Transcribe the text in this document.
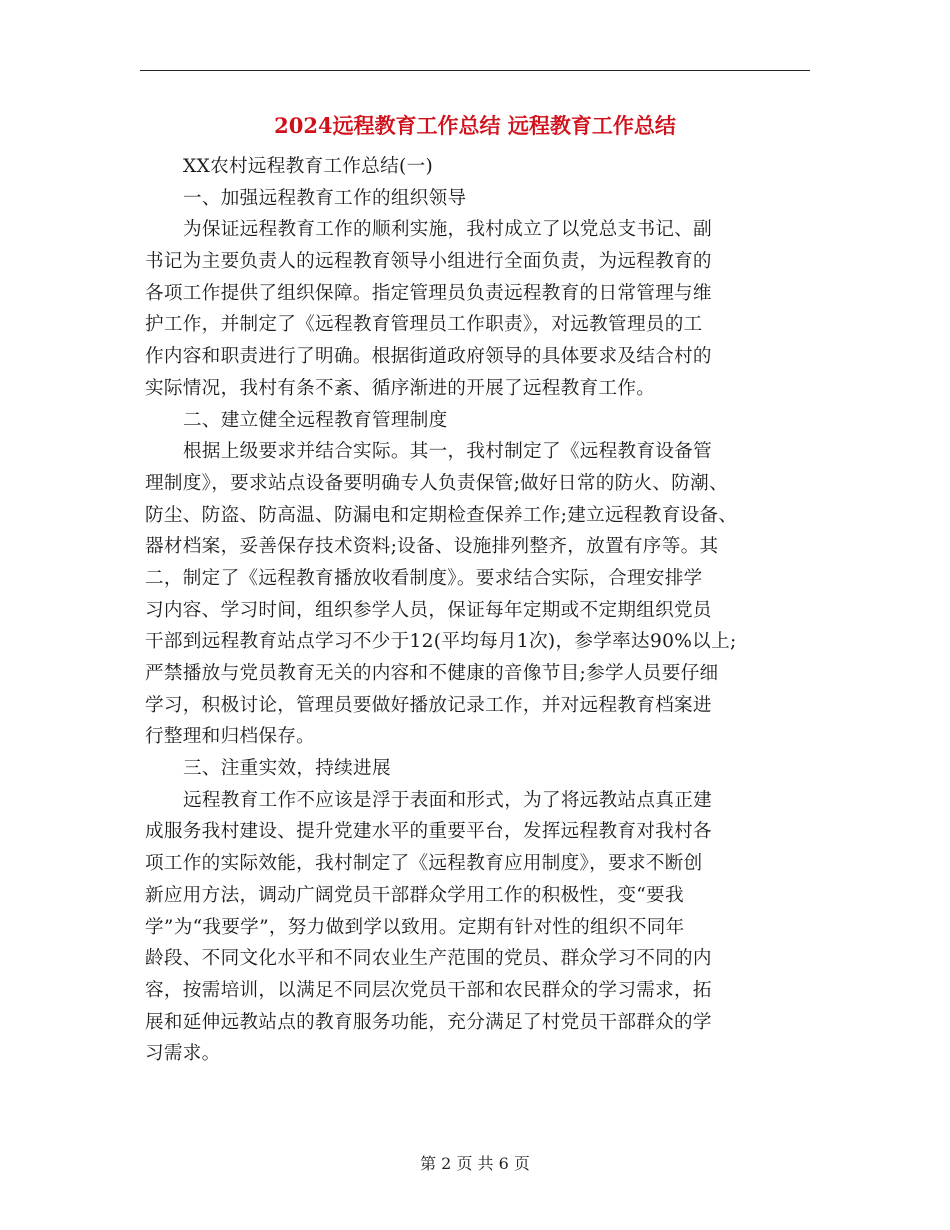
2024远程教育工作总结 远程教育工作总结
XX农村远程教育工作总结(一)
一、加强远程教育工作的组织领导
为保证远程教育工作的顺利实施，我村成立了以党总支书记、副
书记为主要负责人的远程教育领导小组进行全面负责，为远程教育的
各项工作提供了组织保障。指定管理员负责远程教育的日常管理与维
护工作，并制定了《远程教育管理员工作职责》，对远教管理员的工
作内容和职责进行了明确。根据街道政府领导的具体要求及结合村的
实际情况，我村有条不紊、循序渐进的开展了远程教育工作。
二、建立健全远程教育管理制度
根据上级要求并结合实际。其一，我村制定了《远程教育设备管
理制度》，要求站点设备要明确专人负责保管;做好日常的防火、防潮、
防尘、防盗、防高温、防漏电和定期检查保养工作;建立远程教育设备、
器材档案，妥善保存技术资料;设备、设施排列整齐，放置有序等。其
二，制定了《远程教育播放收看制度》。要求结合实际，合理安排学
习内容、学习时间，组织参学人员，保证每年定期或不定期组织党员
干部到远程教育站点学习不少于12(平均每月1次)，参学率达90%以上;
严禁播放与党员教育无关的内容和不健康的音像节目;参学人员要仔细
学习，积极讨论，管理员要做好播放记录工作，并对远程教育档案进
行整理和归档保存。
三、注重实效，持续进展
远程教育工作不应该是浮于表面和形式，为了将远教站点真正建
成服务我村建设、提升党建水平的重要平台，发挥远程教育对我村各
项工作的实际效能，我村制定了《远程教育应用制度》，要求不断创
新应用方法，调动广阔党员干部群众学用工作的积极性，变“要我
学”为“我要学”，努力做到学以致用。定期有针对性的组织不同年
龄段、不同文化水平和不同农业生产范围的党员、群众学习不同的内
容，按需培训，以满足不同层次党员干部和农民群众的学习需求，拓
展和延伸远教站点的教育服务功能，充分满足了村党员干部群众的学
习需求。
第 2 页 共 6 页
